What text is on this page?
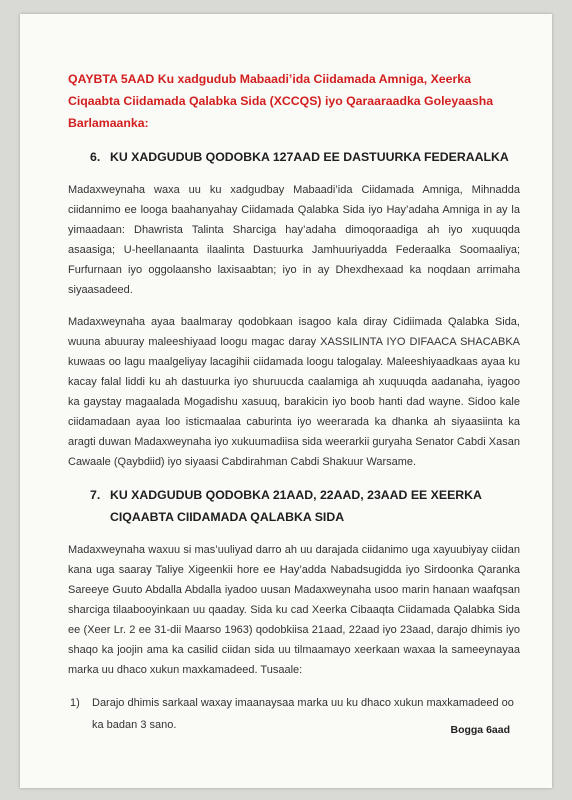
QAYBTA 5AAD Ku xadgudub Mabaadi’ida Ciidamada Amniga, Xeerka Ciqaabta Ciidamada Qalabka Sida (XCCQS) iyo Qaraaraadka Goleyaasha Barlamaanka:
6. KU XADGUDUB QODOBKA 127AAD EE DASTUURKA FEDERAALKA

Madaxweynaha waxa uu ku xadgudbay Mabaadi’ida Ciidamada Amniga, Mihnadda ciidannimo ee looga baahanyahay Ciidamada Qalabka Sida iyo Hay’adaha Amniga in ay la yimaadaan: Dhawrista Talinta Sharciga hay’adaha dimoqoraadiga ah iyo xuquuqda asaasiga; U-heellanaanta ilaalinta Dastuurka Jamhuuriyadda Federaalka Soomaaliya; Furfurnaan iyo oggolaansho laxisaabtan; iyo in ay Dhexdhexaad ka noqdaan arrimaha siyaasadeed.

Madaxweynaha ayaa baalmaray qodobkaan isagoo kala diray Cidiimada Qalabka Sida, wuuna abuuray maleeshiyaad loogu magac daray XASSILINTA IYO DIFAACA SHACABKA kuwaas oo lagu maalgeliyay lacagihii ciidamada loogu talogalay. Maleeshiyaadkaas ayaa ku kacay falal liddi ku ah dastuurka iyo shuruucda caalamiga ah xuquuqda aadanaha, iyagoo ka gaystay magaalada Mogadishu xasuuq, barakicin iyo boob hanti dad wayne. Sidoo kale ciidamadaan ayaa loo isticmaalaa caburinta iyo weerarada ka dhanka ah siyaasiinta ka aragti duwan Madaxweynaha iyo xukuumadiisa sida weerarkii guryaha Senator Cabdi Xasan Cawaale (Qaybdiid) iyo siyaasi Cabdirahman Cabdi Shakuur Warsame.

7. KU XADGUDUB QODOBKA 21AAD, 22AAD, 23AAD EE XEERKA CIQAABTA CIIDAMADA QALABKA SIDA

Madaxweynaha waxuu si mas’uuliyad darro ah uu darajada ciidanimo uga xayuubiyay ciidan kana uga saaray Taliye Xigeenkii hore ee Hay’adda Nabadsugidda iyo Sirdoonka Qaranka Sareeye Guuto Abdalla Abdalla iyadoo uusan Madaxweynaha usoo marin hanaan waafqsan sharciga tilaabooyinkaan uu qaaday. Sida ku cad Xeerka Cibaaqta Ciidamada Qalabka Sida ee (Xeer Lr. 2 ee 31-dii Maarso 1963) qodobkiisa 21aad, 22aad iyo 23aad, darajo dhimis iyo shaqo ka joojin ama ka casilid ciidan sida uu tilmaamayo xeerkaan waxaa la sameeynayaa marka uu dhaco xukun maxkamadeed. Tusaale:

1)	Darajo dhimis sarkaal waxay imaanaysaa marka uu ku dhaco xukun maxkamadeed oo ka badan 3 sano.	Bogga 6aad
